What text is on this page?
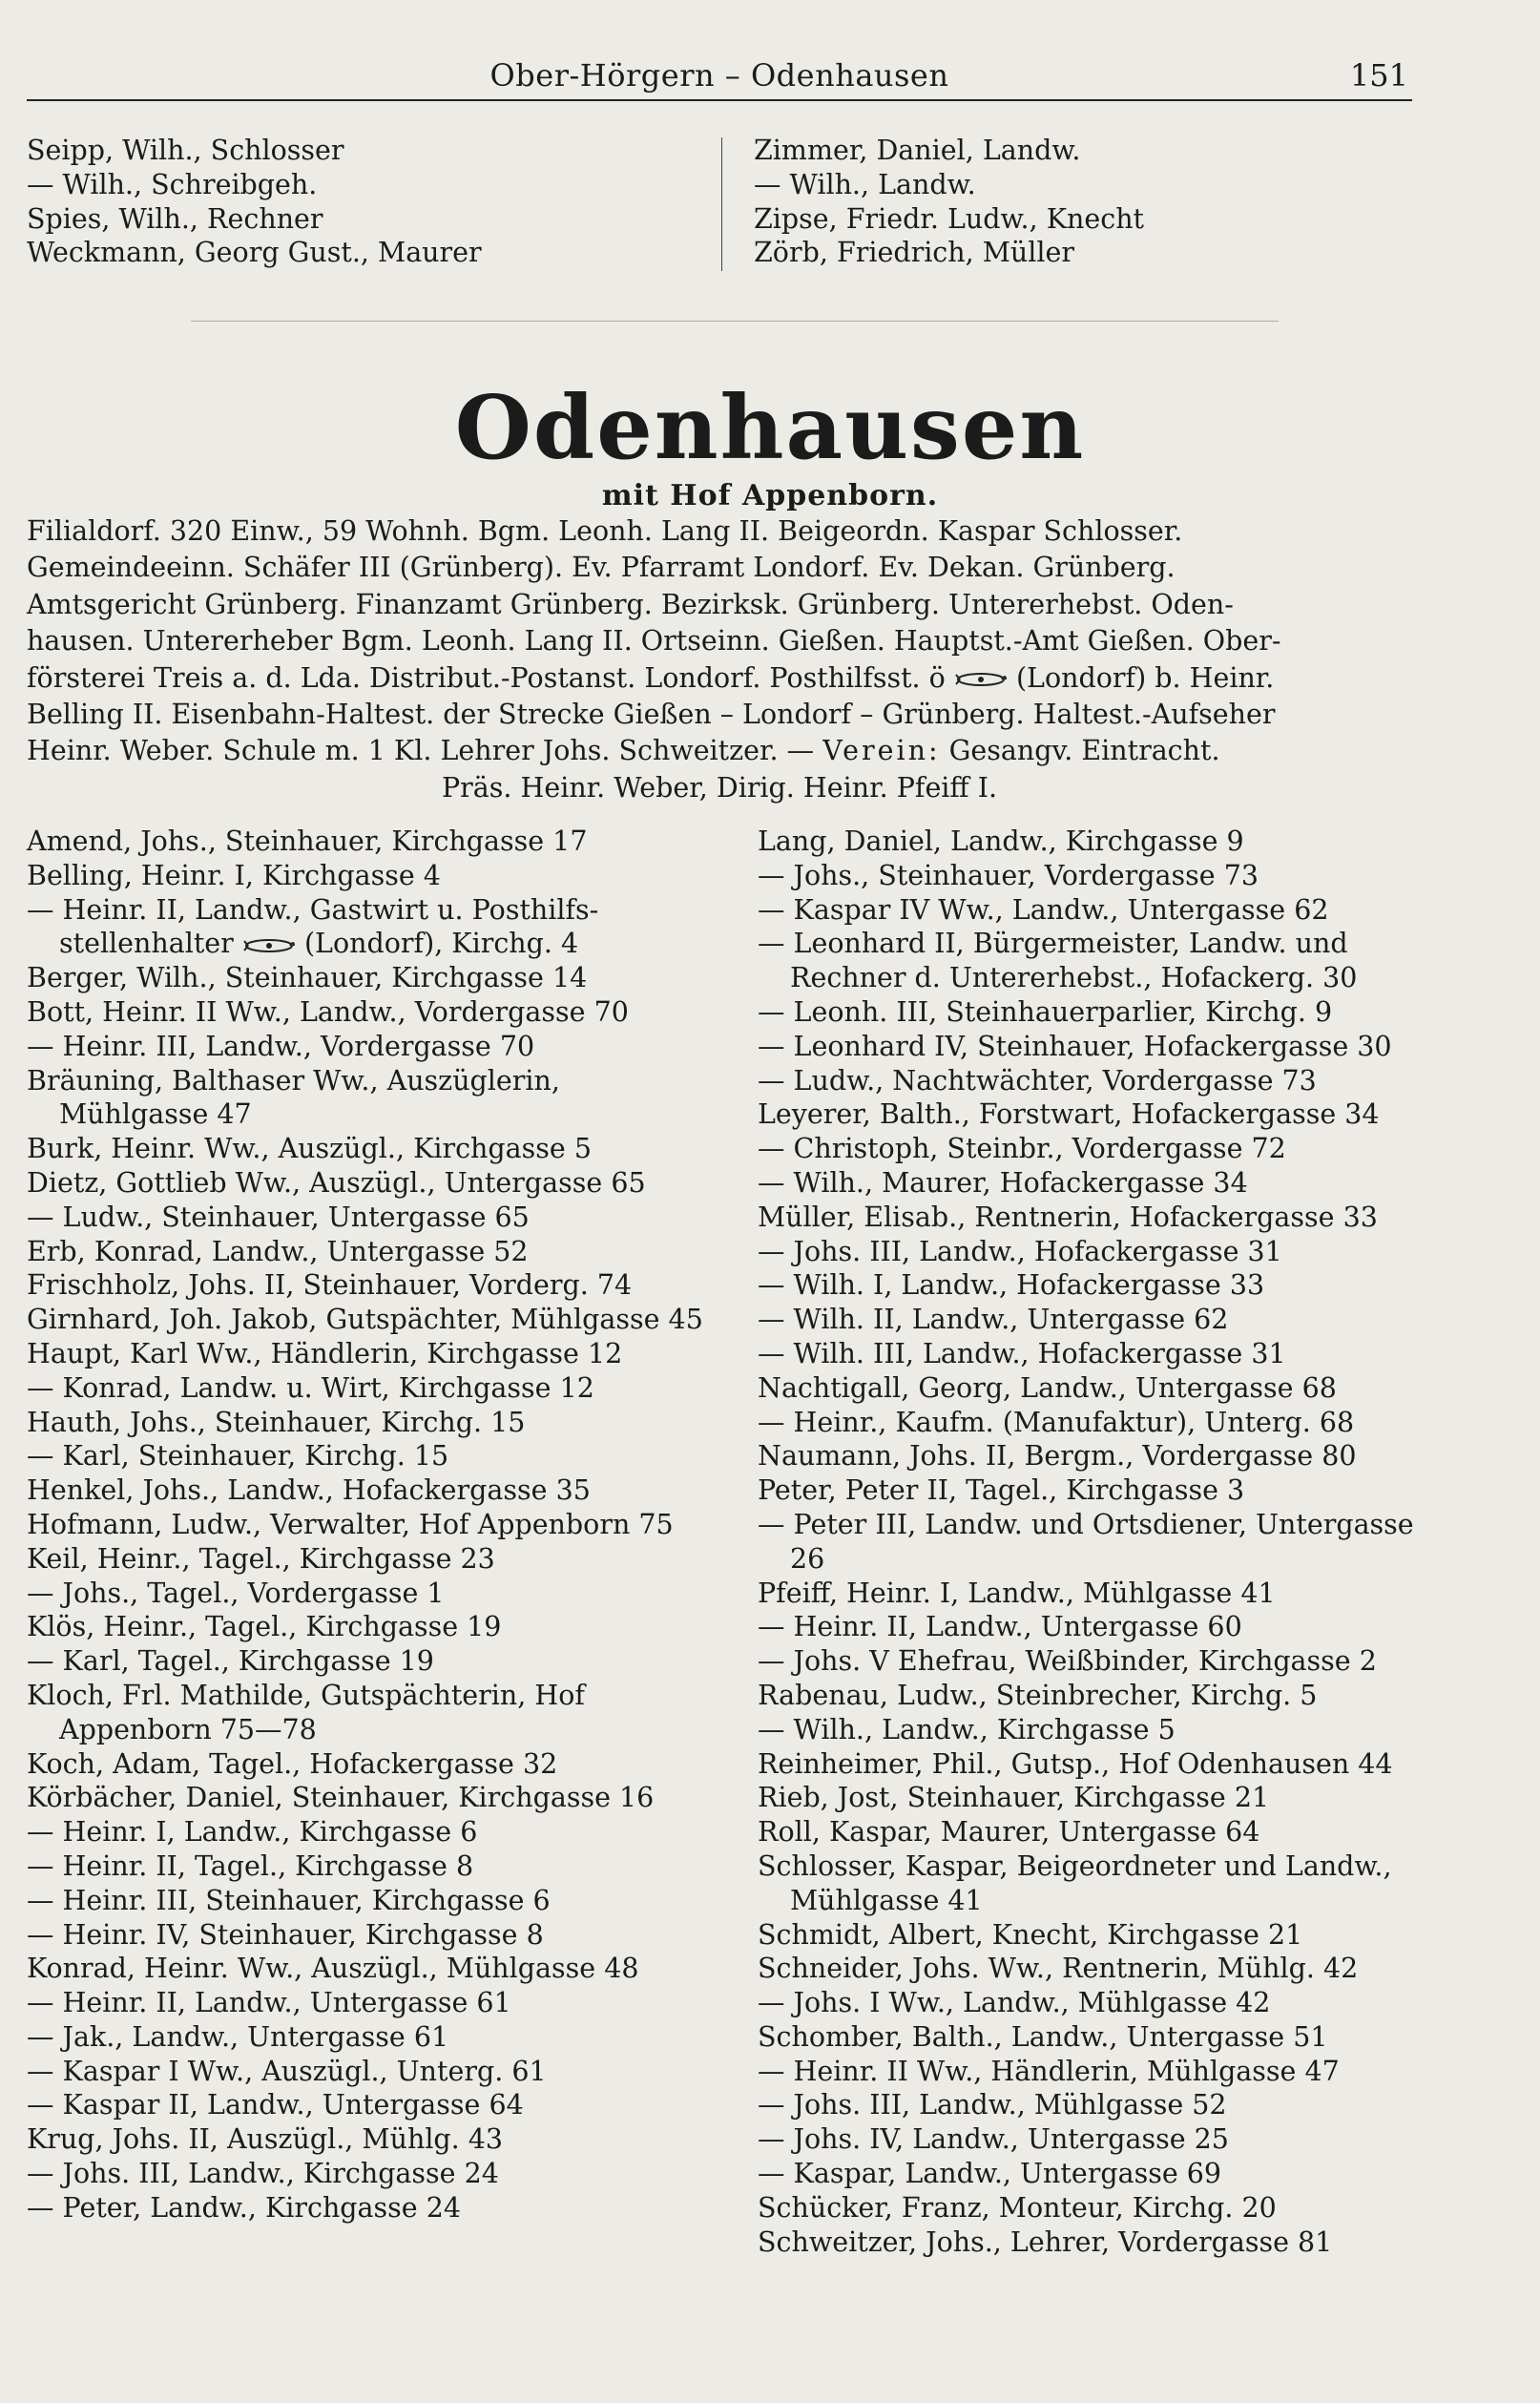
Ober-Hörgern – Odenhausen	151
Seipp, Wilh., Schlosser
— Wilh., Schreibgeh.
Spies, Wilh., Rechner
Weckmann, Georg Gust., Maurer
Zimmer, Daniel, Landw.
— Wilh., Landw.
Zipse, Friedr. Ludw., Knecht
Zörb, Friedrich, Müller
Odenhausen
mit Hof Appenborn.
Filialdorf. 320 Einw., 59 Wohnh. Bgm. Leonh. Lang II. Beigeordn. Kaspar Schlosser.
Gemeindeeinn. Schäfer III (Grünberg). Ev. Pfarramt Londorf. Ev. Dekan. Grünberg.
Amtsgericht Grünberg. Finanzamt Grünberg. Bezirksk. Grünberg. Untererhebst. Oden-
hausen. Untererheber Bgm. Leonh. Lang II. Ortseinn. Gießen. Hauptst.-Amt Gießen. Ober-
försterei Treis a. d. Lda. Distribut.-Postanst. Londorf. Posthilfsst. ö	(Londorf) b. Heinr.
Belling II. Eisenbahn-Haltest. der Strecke Gießen – Londorf – Grünberg. Haltest.-Aufseher
Heinr. Weber. Schule m. 1 Kl. Lehrer Johs. Schweitzer. — Verein: Gesangv. Eintracht.
Präs. Heinr. Weber, Dirig. Heinr. Pfeiff I.
Amend, Johs., Steinhauer, Kirchgasse 17
Belling, Heinr. I, Kirchgasse 4
— Heinr. II, Landw., Gastwirt u. Posthilfs-
stellenhalter	(Londorf), Kirchg. 4
Berger, Wilh., Steinhauer, Kirchgasse 14
Bott, Heinr. II Ww., Landw., Vordergasse 70
— Heinr. III, Landw., Vordergasse 70
Bräuning, Balthaser Ww., Auszüglerin, Mühlgasse 47
Burk, Heinr. Ww., Auszügl., Kirchgasse 5
Dietz, Gottlieb Ww., Auszügl., Untergasse 65
— Ludw., Steinhauer, Untergasse 65
Erb, Konrad, Landw., Untergasse 52
Frischholz, Johs. II, Steinhauer, Vorderg. 74
Girnhard, Joh. Jakob, Gutspächter, Mühlgasse 45
Haupt, Karl Ww., Händlerin, Kirchgasse 12
— Konrad, Landw. u. Wirt, Kirchgasse 12
Hauth, Johs., Steinhauer, Kirchg. 15
— Karl, Steinhauer, Kirchg. 15
Henkel, Johs., Landw., Hofackergasse 35
Hofmann, Ludw., Verwalter, Hof Appenborn 75
Keil, Heinr., Tagel., Kirchgasse 23
— Johs., Tagel., Vordergasse 1
Klös, Heinr., Tagel., Kirchgasse 19
— Karl, Tagel., Kirchgasse 19
Kloch, Frl. Mathilde, Gutspächterin, Hof Appenborn 75—78
Koch, Adam, Tagel., Hofackergasse 32
Körbächer, Daniel, Steinhauer, Kirchgasse 16
— Heinr. I, Landw., Kirchgasse 6
— Heinr. II, Tagel., Kirchgasse 8
— Heinr. III, Steinhauer, Kirchgasse 6
— Heinr. IV, Steinhauer, Kirchgasse 8
Konrad, Heinr. Ww., Auszügl., Mühlgasse 48
— Heinr. II, Landw., Untergasse 61
— Jak., Landw., Untergasse 61
— Kaspar I Ww., Auszügl., Unterg. 61
— Kaspar II, Landw., Untergasse 64
Krug, Johs. II, Auszügl., Mühlg. 43
— Johs. III, Landw., Kirchgasse 24
— Peter, Landw., Kirchgasse 24
Lang, Daniel, Landw., Kirchgasse 9
— Johs., Steinhauer, Vordergasse 73
— Kaspar IV Ww., Landw., Untergasse 62
— Leonhard II, Bürgermeister, Landw. und Rechner d. Untererhebst., Hofackerg. 30
— Leonh. III, Steinhauerparlier, Kirchg. 9
— Leonhard IV, Steinhauer, Hofackergasse 30
— Ludw., Nachtwächter, Vordergasse 73
Leyerer, Balth., Forstwart, Hofackergasse 34
— Christoph, Steinbr., Vordergasse 72
— Wilh., Maurer, Hofackergasse 34
Müller, Elisab., Rentnerin, Hofackergasse 33
— Johs. III, Landw., Hofackergasse 31
— Wilh. I, Landw., Hofackergasse 33
— Wilh. II, Landw., Untergasse 62
— Wilh. III, Landw., Hofackergasse 31
Nachtigall, Georg, Landw., Untergasse 68
— Heinr., Kaufm. (Manufaktur), Unterg. 68
Naumann, Johs. II, Bergm., Vordergasse 80
Peter, Peter II, Tagel., Kirchgasse 3
— Peter III, Landw. und Ortsdiener, Untergasse 26
Pfeiff, Heinr. I, Landw., Mühlgasse 41
— Heinr. II, Landw., Untergasse 60
— Johs. V Ehefrau, Weißbinder, Kirchgasse 2
Rabenau, Ludw., Steinbrecher, Kirchg. 5
— Wilh., Landw., Kirchgasse 5
Reinheimer, Phil., Gutsp., Hof Odenhausen 44
Rieb, Jost, Steinhauer, Kirchgasse 21
Roll, Kaspar, Maurer, Untergasse 64
Schlosser, Kaspar, Beigeordneter und Landw., Mühlgasse 41
Schmidt, Albert, Knecht, Kirchgasse 21
Schneider, Johs. Ww., Rentnerin, Mühlg. 42
— Johs. I Ww., Landw., Mühlgasse 42
Schomber, Balth., Landw., Untergasse 51
— Heinr. II Ww., Händlerin, Mühlgasse 47
— Johs. III, Landw., Mühlgasse 52
— Johs. IV, Landw., Untergasse 25
— Kaspar, Landw., Untergasse 69
Schücker, Franz, Monteur, Kirchg. 20
Schweitzer, Johs., Lehrer, Vordergasse 81
